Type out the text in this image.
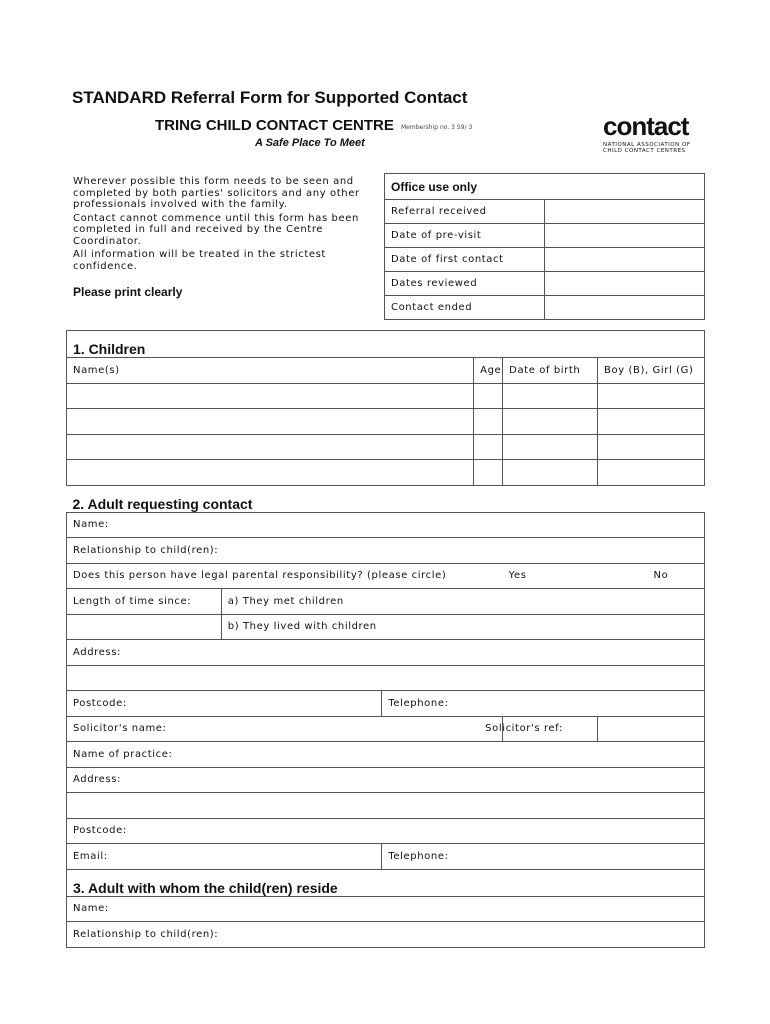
STANDARD Referral Form for Supported Contact
TRING CHILD CONTACT CENTRE Membership no. 3 59/ 3
A Safe Place To Meet
contact
NATIONAL ASSOCIATION OF
CHILD CONTACT CENTRES

Wherever possible this form needs to be seen and completed by both parties' solicitors and any other professionals involved with the family.

Contact cannot commence until this form has been completed in full and received by the Centre Coordinator.

All information will be treated in the strictest confidence.

Please print clearly
Office use only	
Referral received	
Date of pre-visit	
Date of first contact	
Dates reviewed	
Contact ended	
1. Children						
Name(s)				Age	Date of birth	Boy (B), Girl (G)

2. Adult requesting contact						
Name:						
Relationship to child(ren):						
Does this person have legal parental responsibility? (please circle)					Yes	No
Length of time since:	a) They met children					
	b) They lived with children					
Address:						

Postcode:		Telephone:				
Solicitor's name:					Solicitor's ref:	
Name of practice:						
Address:						

Postcode:						
Email:		Telephone:				
3. Adult with whom the child(ren) reside						
Name:						
Relationship to child(ren):						
